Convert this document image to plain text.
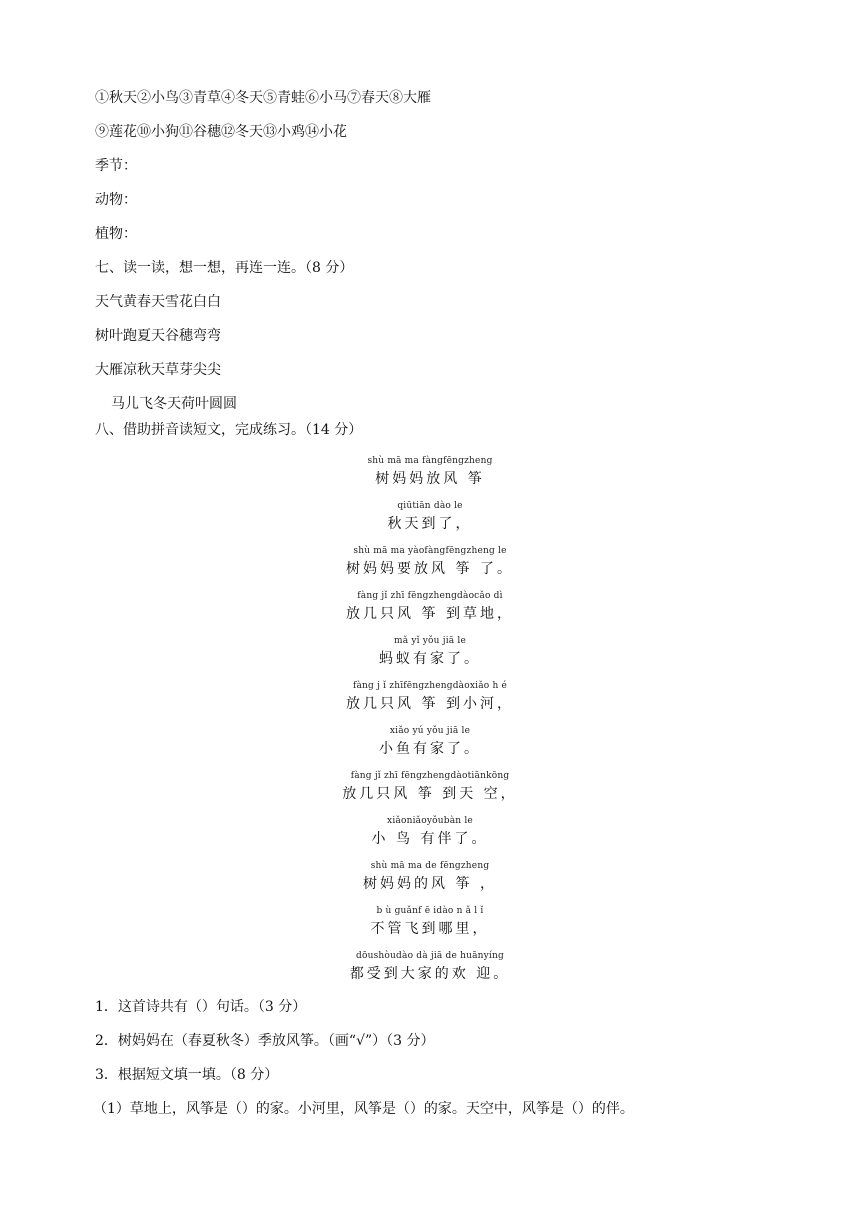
①秋天②小鸟③青草④冬天⑤青蛙⑥小马⑦春天⑧大雁
⑨莲花⑩小狗⑪谷穗⑫冬天⑬小鸡⑭小花
季节：
动物：
植物：
七、读一读，想一想，再连一连。（8 分）
天气黄春天雪花白白
树叶跑夏天谷穗弯弯
大雁凉秋天草芽尖尖
马儿飞冬天荷叶圆圆
八、借助拼音读短文，完成练习。（14 分）
shù mā ma fàngfēngzheng
树妈妈放风 筝
qiūtiān dào le
秋天到了，
shù mā ma yàofàngfēngzheng le
树妈妈要放风 筝 了。
fàng jǐ zhī fēngzhengdàocǎo dì
放几只风 筝 到草地，
mǎ yǐ yǒu jiā le
蚂蚁有家了。
fàng j ǐ zhīfēngzhengdàoxiǎo h é
放几只风 筝 到小河，
xiǎo yú yǒu jiā le
小鱼有家了。
fàng jǐ zhī fēngzhengdàotiānkōng
放几只风 筝 到天 空，
xiǎoniǎoyǒubàn le
小 鸟 有伴了。
shù mā ma de fēngzheng
树妈妈的风 筝 ，
b ù guǎnf ē idào n ǎ l ǐ
不管飞到哪里，
dōushòudào dà jiā de huānyíng
都受到大家的欢 迎。
1．这首诗共有（）句话。（3 分）
2．树妈妈在（春夏秋冬）季放风筝。（画“√”）（3 分）
3．根据短文填一填。（8 分）
（1）草地上，风筝是（）的家。小河里，风筝是（）的家。天空中，风筝是（）的伴。
